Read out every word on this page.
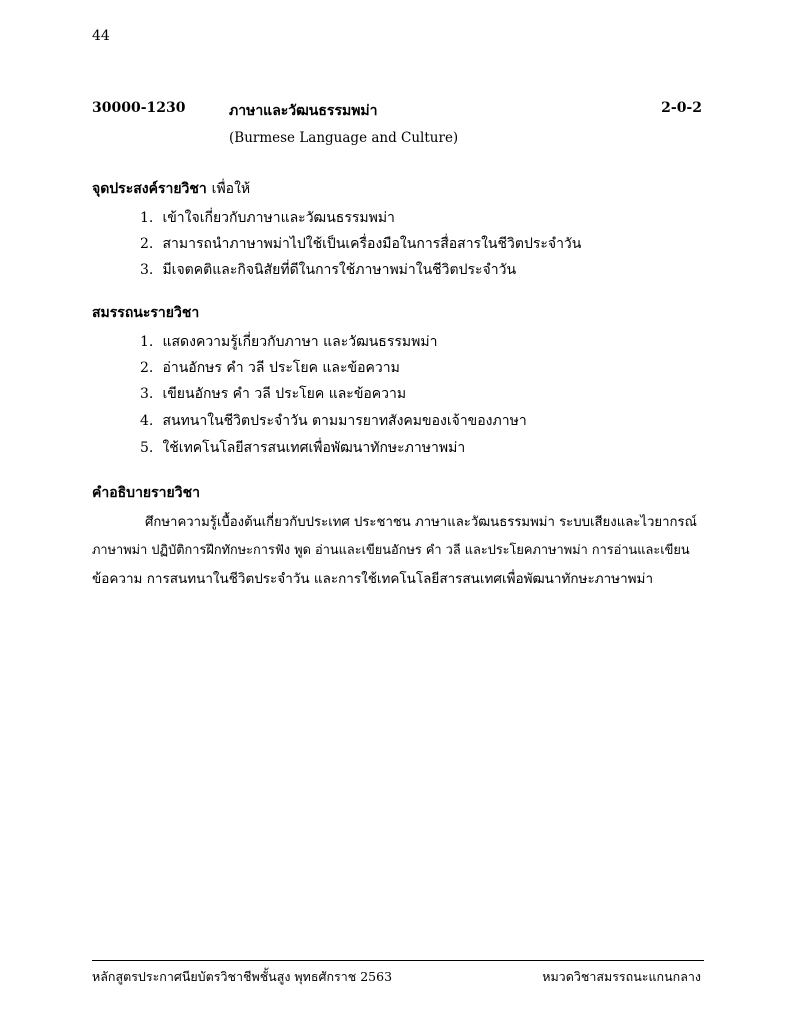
44
30000-1230	ภาษาและวัฒนธรรมพม่า	2-0-2
(Burmese Language and Culture)
จุดประสงค์รายวิชา เพื่อให้
1. เข้าใจเกี่ยวกับภาษาและวัฒนธรรมพม่า
2. สามารถนำภาษาพม่าไปใช้เป็นเครื่องมือในการสื่อสารในชีวิตประจำวัน
3. มีเจตคติและกิจนิสัยที่ดีในการใช้ภาษาพม่าในชีวิตประจำวัน
สมรรถนะรายวิชา
1. แสดงความรู้เกี่ยวกับภาษา และวัฒนธรรมพม่า
2. อ่านอักษร คำ วลี ประโยค และข้อความ
3. เขียนอักษร คำ วลี ประโยค และข้อความ
4. สนทนาในชีวิตประจำวัน ตามมารยาทสังคมของเจ้าของภาษา
5. ใช้เทคโนโลยีสารสนเทศเพื่อพัฒนาทักษะภาษาพม่า
คำอธิบายรายวิชา
ศึกษาความรู้เบื้องต้นเกี่ยวกับประเทศ ประชาชน ภาษาและวัฒนธรรมพม่า ระบบเสียงและไวยากรณ์
ภาษาพม่า ปฏิบัติการฝึกทักษะการฟัง พูด อ่านและเขียนอักษร คำ วลี และประโยคภาษาพม่า การอ่านและเขียน
ข้อความ การสนทนาในชีวิตประจำวัน และการใช้เทคโนโลยีสารสนเทศเพื่อพัฒนาทักษะภาษาพม่า
หลักสูตรประกาศนียบัตรวิชาชีพชั้นสูง พุทธศักราช 2563	หมวดวิชาสมรรถนะแกนกลาง
